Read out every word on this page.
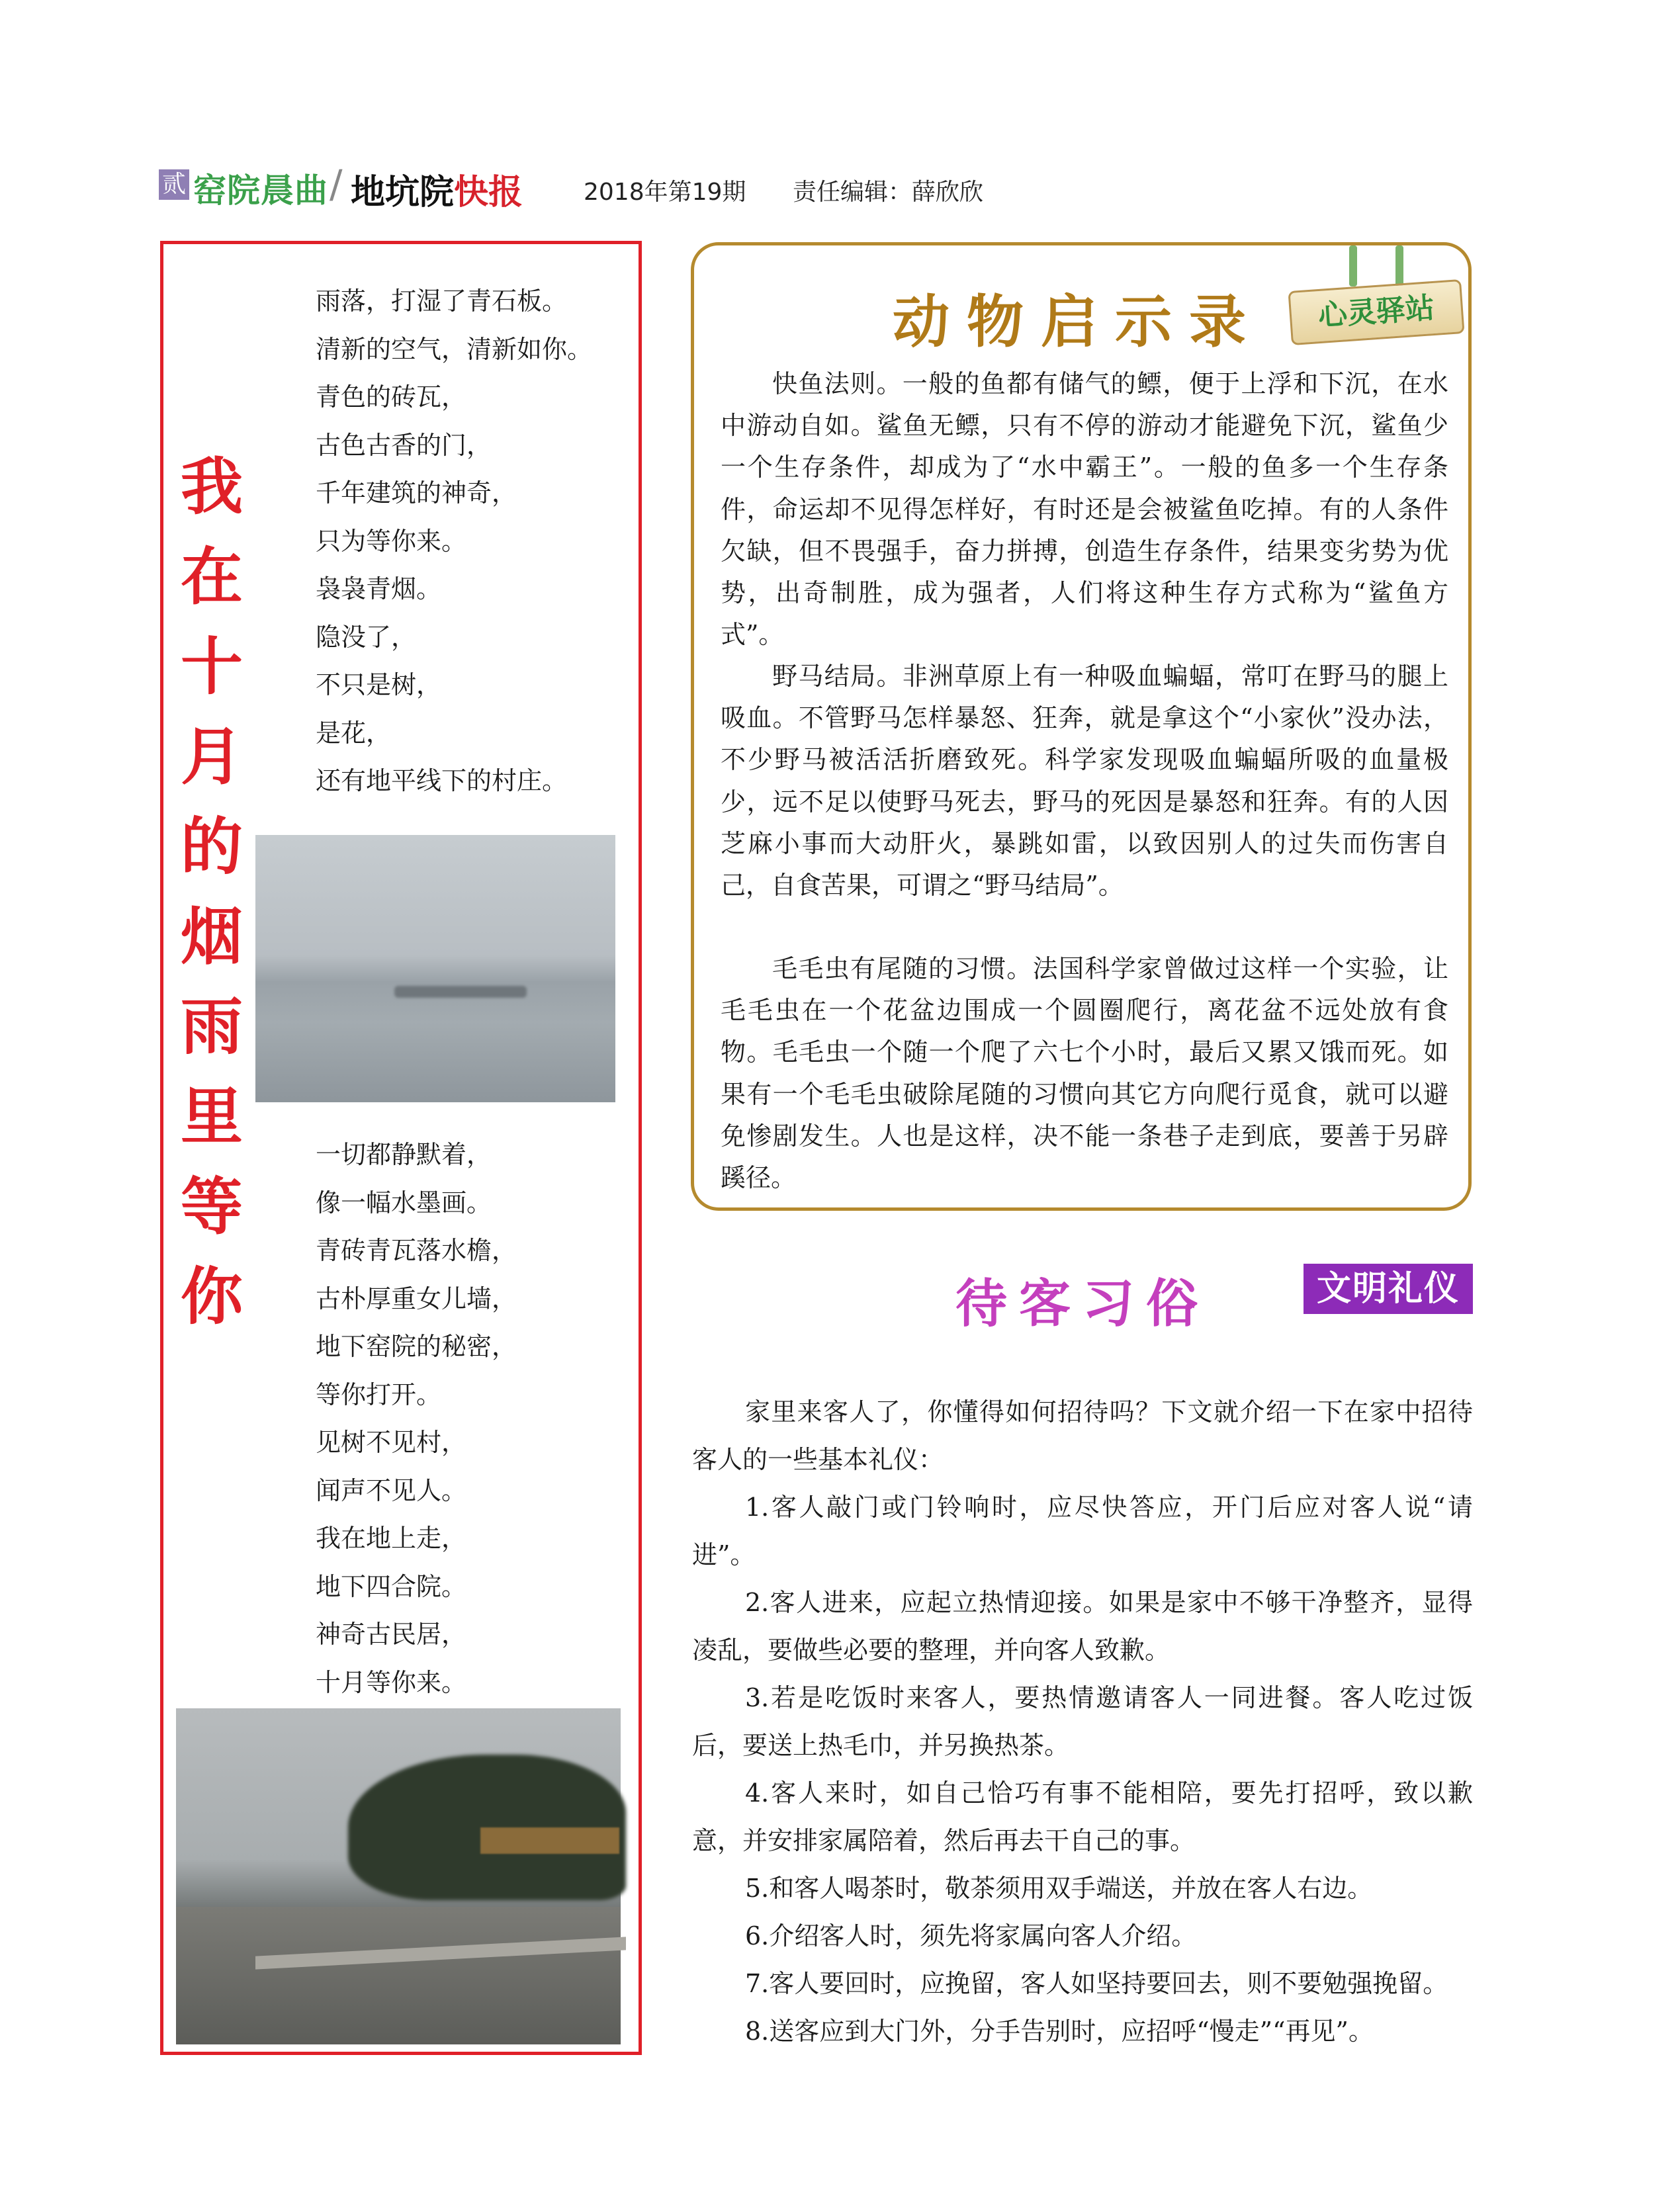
贰 窑院晨曲 / 地坑院 快报	2018年第19期 责任编辑：薛欣欣
我
在
十
月
的
烟
雨
里
等
你
雨落，打湿了青石板。
清新的空气，清新如你。
青色的砖瓦，
古色古香的门，
千年建筑的神奇，
只为等你来。
袅袅青烟。
隐没了，
不只是树，
是花，
还有地平线下的村庄。
一切都静默着，
像一幅水墨画。
青砖青瓦落水檐，
古朴厚重女儿墙，
地下窑院的秘密，
等你打开。
见树不见村，
闻声不见人。
我在地上走，
地下四合院。
神奇古民居，
十月等你来。
动物启示录	心灵驿站

快鱼法则。一般的鱼都有储气的鳔，便于上浮和下沉，在水中游动自如。鲨鱼无鳔，只有不停的游动才能避免下沉，鲨鱼少一个生存条件，却成为了“水中霸王”。一般的鱼多一个生存条件，命运却不见得怎样好，有时还是会被鲨鱼吃掉。有的人条件欠缺，但不畏强手，奋力拼搏，创造生存条件，结果变劣势为优势，出奇制胜，成为强者，人们将这种生存方式称为“鲨鱼方式”。

野马结局。非洲草原上有一种吸血蝙蝠，常叮在野马的腿上吸血。不管野马怎样暴怒、狂奔，就是拿这个“小家伙”没办法，不少野马被活活折磨致死。科学家发现吸血蝙蝠所吸的血量极少，远不足以使野马死去，野马的死因是暴怒和狂奔。有的人因芝麻小事而大动肝火，暴跳如雷，以致因别人的过失而伤害自己，自食苦果，可谓之“野马结局”。

毛毛虫有尾随的习惯。法国科学家曾做过这样一个实验，让毛毛虫在一个花盆边围成一个圆圈爬行，离花盆不远处放有食物。毛毛虫一个随一个爬了六七个小时，最后又累又饿而死。如果有一个毛毛虫破除尾随的习惯向其它方向爬行觅食，就可以避免惨剧发生。人也是这样，决不能一条巷子走到底，要善于另辟蹊径。

待客习俗	文明礼仪

家里来客人了，你懂得如何招待吗？下文就介绍一下在家中招待客人的一些基本礼仪：

1.客人敲门或门铃响时，应尽快答应，开门后应对客人说“请进”。

2.客人进来，应起立热情迎接。如果是家中不够干净整齐，显得凌乱，要做些必要的整理，并向客人致歉。

3.若是吃饭时来客人，要热情邀请客人一同进餐。客人吃过饭后，要送上热毛巾，并另换热茶。

4.客人来时，如自己恰巧有事不能相陪，要先打招呼，致以歉意，并安排家属陪着，然后再去干自己的事。

5.和客人喝茶时，敬茶须用双手端送，并放在客人右边。

6.介绍客人时，须先将家属向客人介绍。

7.客人要回时，应挽留，客人如坚持要回去，则不要勉强挽留。

8.送客应到大门外，分手告别时，应招呼“慢走”“再见”。
